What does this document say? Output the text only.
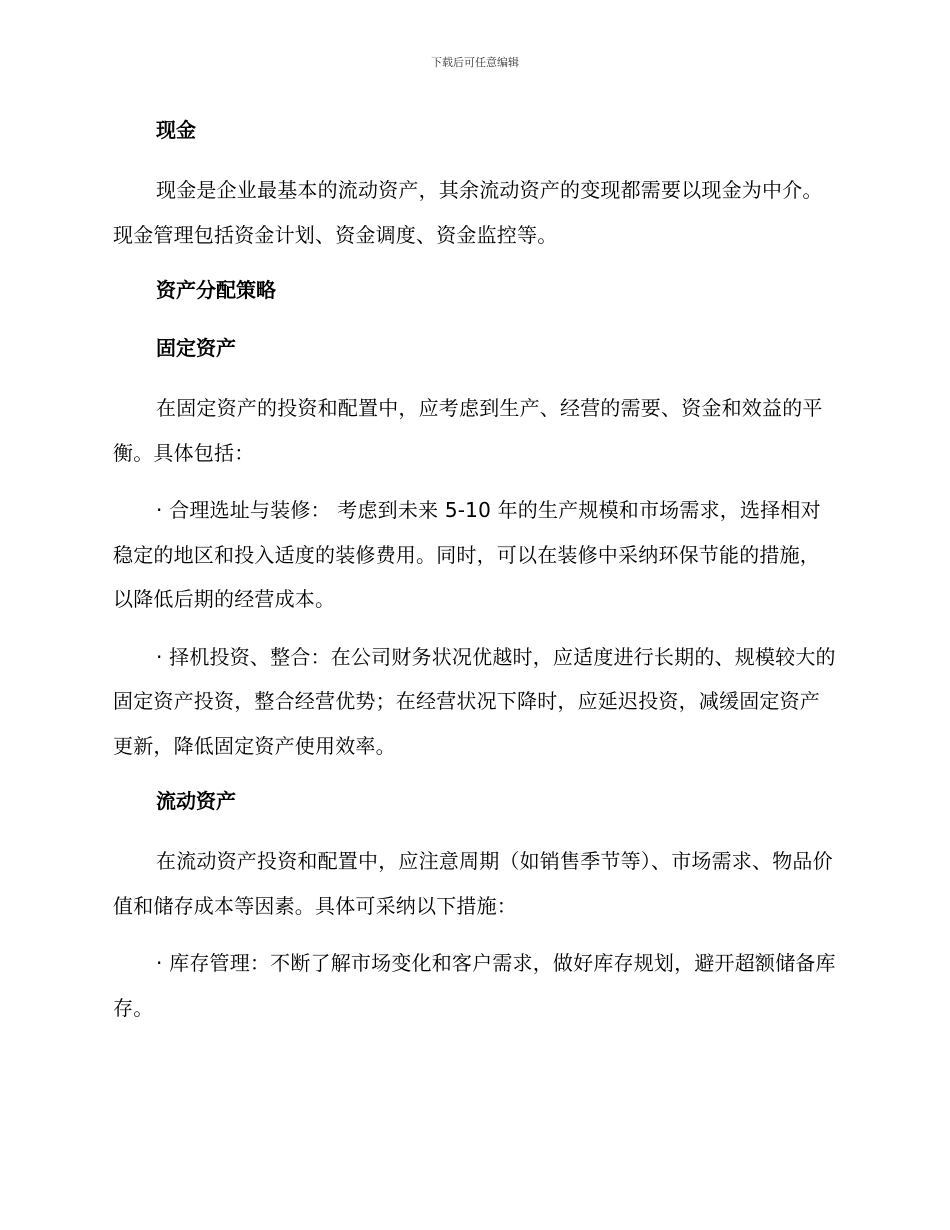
下载后可任意编辑
现金

现金是企业最基本的流动资产，其余流动资产的变现都需要以现金为中介。现金管理包括资金计划、资金调度、资金监控等。

资产分配策略
固定资产

在固定资产的投资和配置中，应考虑到生产、经营的需要、资金和效益的平衡。具体包括：

· 合理选址与装修： 考虑到未来 5-10 年的生产规模和市场需求，选择相对稳定的地区和投入适度的装修费用。同时，可以在装修中采纳环保节能的措施，以降低后期的经营成本。

· 择机投资、整合：在公司财务状况优越时，应适度进行长期的、规模较大的固定资产投资，整合经营优势；在经营状况下降时，应延迟投资，减缓固定资产更新，降低固定资产使用效率。

流动资产

在流动资产投资和配置中，应注意周期（如销售季节等）、市场需求、物品价值和储存成本等因素。具体可采纳以下措施：

· 库存管理：不断了解市场变化和客户需求，做好库存规划，避开超额储备库存。
